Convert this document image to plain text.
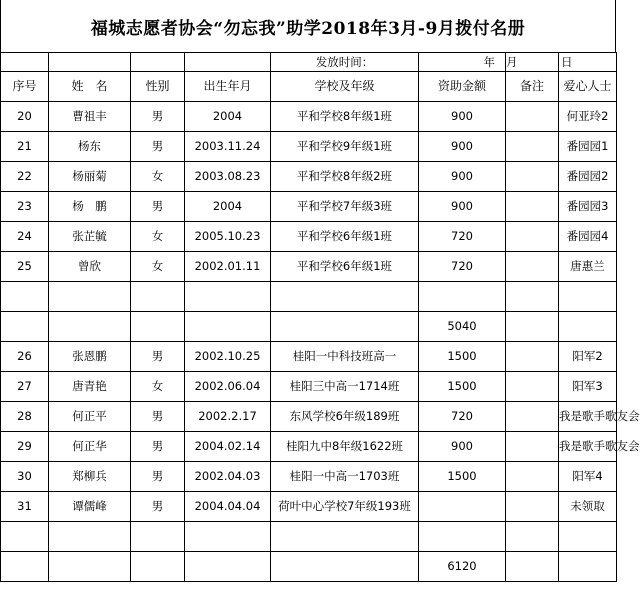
福城志愿者协会“勿忘我”助学2018年3月-9月拨付名册
				发放时间：	年	月	日
序号	姓　名	性别	出生年月	学校及年级	资助金额	备注	爱心人士
20	曹祖丰	男	2004	平和学校8年级1班	900		何亚玲2
21	杨东	男	2003.11.24	平和学校9年级1班	900		番园园1
22	杨丽菊	女	2003.08.23	平和学校8年级2班	900		番园园2
23	杨　鹏	男	2004	平和学校7年级3班	900		番园园3
24	张芷毓	女	2005.10.23	平和学校6年级1班	720		番园园4
25	曾欣	女	2002.01.11	平和学校6年级1班	720		唐惠兰

					5040		
26	张恩鹏	男	2002.10.25	桂阳一中科技班高一	1500		阳军2
27	唐青艳	女	2002.06.04	桂阳三中高一1714班	1500		阳军3
28	何正平	男	2002.2.17	东风学校6年级189班	720		我是歌手歌友会
29	何正华	男	2004.02.14	桂阳九中8年级1622班	900		我是歌手歌友会
30	郑柳兵	男	2002.04.03	桂阳一中高一1703班	1500		阳军4
31	谭儒峰	男	2004.04.04	荷叶中心学校7年级193班			未领取

					6120		
